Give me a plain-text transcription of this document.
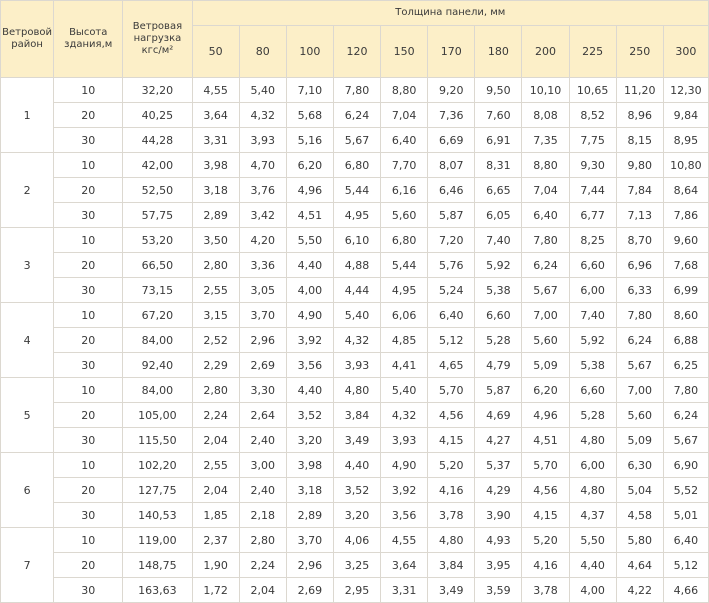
Ветровой район	Высота здания,м	Ветровая нагрузка кгс/м²	Толщина панели, мм										
			50	80	100	120	150	170	180	200	225	250	300
1	10	32,20	4,55	5,40	7,10	7,80	8,80	9,20	9,50	10,10	10,65	11,20	12,30
	20	40,25	3,64	4,32	5,68	6,24	7,04	7,36	7,60	8,08	8,52	8,96	9,84
	30	44,28	3,31	3,93	5,16	5,67	6,40	6,69	6,91	7,35	7,75	8,15	8,95
2	10	42,00	3,98	4,70	6,20	6,80	7,70	8,07	8,31	8,80	9,30	9,80	10,80
	20	52,50	3,18	3,76	4,96	5,44	6,16	6,46	6,65	7,04	7,44	7,84	8,64
	30	57,75	2,89	3,42	4,51	4,95	5,60	5,87	6,05	6,40	6,77	7,13	7,86
3	10	53,20	3,50	4,20	5,50	6,10	6,80	7,20	7,40	7,80	8,25	8,70	9,60
	20	66,50	2,80	3,36	4,40	4,88	5,44	5,76	5,92	6,24	6,60	6,96	7,68
	30	73,15	2,55	3,05	4,00	4,44	4,95	5,24	5,38	5,67	6,00	6,33	6,99
4	10	67,20	3,15	3,70	4,90	5,40	6,06	6,40	6,60	7,00	7,40	7,80	8,60
	20	84,00	2,52	2,96	3,92	4,32	4,85	5,12	5,28	5,60	5,92	6,24	6,88
	30	92,40	2,29	2,69	3,56	3,93	4,41	4,65	4,79	5,09	5,38	5,67	6,25
5	10	84,00	2,80	3,30	4,40	4,80	5,40	5,70	5,87	6,20	6,60	7,00	7,80
	20	105,00	2,24	2,64	3,52	3,84	4,32	4,56	4,69	4,96	5,28	5,60	6,24
	30	115,50	2,04	2,40	3,20	3,49	3,93	4,15	4,27	4,51	4,80	5,09	5,67
6	10	102,20	2,55	3,00	3,98	4,40	4,90	5,20	5,37	5,70	6,00	6,30	6,90
	20	127,75	2,04	2,40	3,18	3,52	3,92	4,16	4,29	4,56	4,80	5,04	5,52
	30	140,53	1,85	2,18	2,89	3,20	3,56	3,78	3,90	4,15	4,37	4,58	5,01
7	10	119,00	2,37	2,80	3,70	4,06	4,55	4,80	4,93	5,20	5,50	5,80	6,40
	20	148,75	1,90	2,24	2,96	3,25	3,64	3,84	3,95	4,16	4,40	4,64	5,12
	30	163,63	1,72	2,04	2,69	2,95	3,31	3,49	3,59	3,78	4,00	4,22	4,66
